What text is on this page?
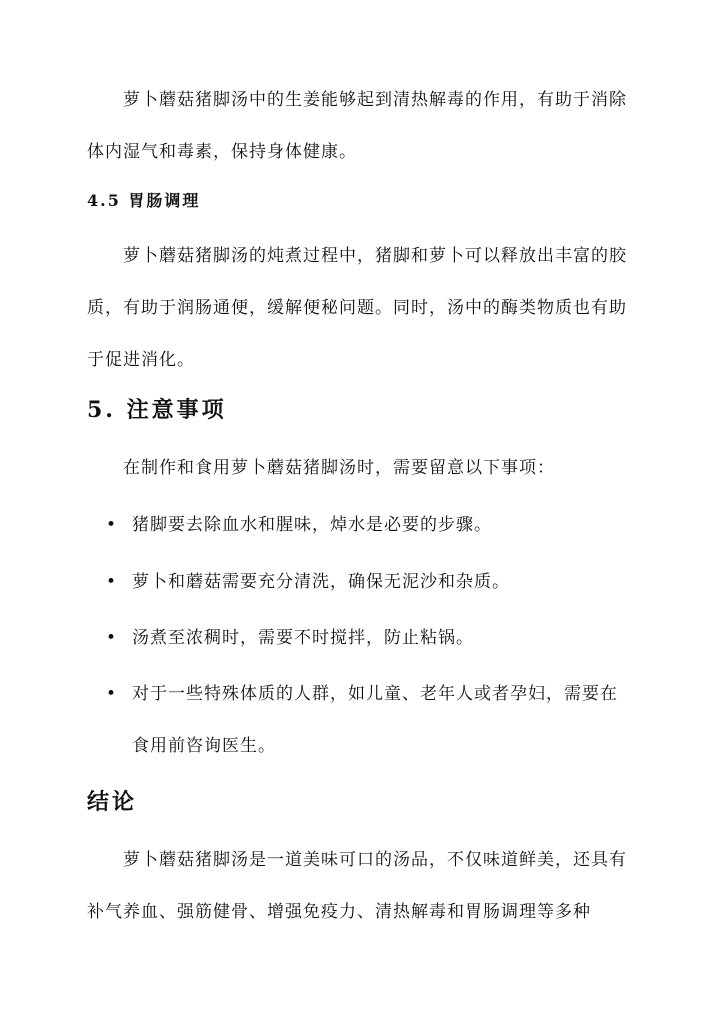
萝卜蘑菇猪脚汤中的生姜能够起到清热解毒的作用，有助于消除体内湿气和毒素，保持身体健康。

4.5 胃肠调理

萝卜蘑菇猪脚汤的炖煮过程中，猪脚和萝卜可以释放出丰富的胶质，有助于润肠通便，缓解便秘问题。同时，汤中的酶类物质也有助于促进消化。

5. 注意事项

在制作和食用萝卜蘑菇猪脚汤时，需要留意以下事项：

• 猪脚要去除血水和腥味，焯水是必要的步骤。
• 萝卜和蘑菇需要充分清洗，确保无泥沙和杂质。
• 汤煮至浓稠时，需要不时搅拌，防止粘锅。
• 对于一些特殊体质的人群，如儿童、老年人或者孕妇，需要在食用前咨询医生。
结论

萝卜蘑菇猪脚汤是一道美味可口的汤品，不仅味道鲜美，还具有补气养血、强筋健骨、增强免疫力、清热解毒和胃肠调理等多种
